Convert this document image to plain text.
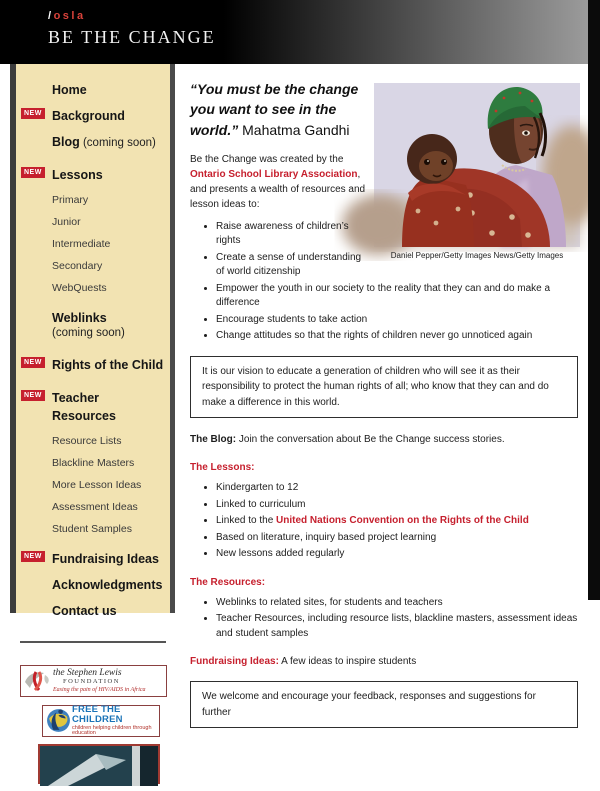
/osla
BE THE CHANGE
Home
NEW Background
Blog (coming soon)
NEW Lessons
Primary
Junior
Intermediate
Secondary
WebQuests
Weblinks
(coming soon)
NEW Rights of the Child
NEW Teacher Resources
Resource Lists
Blackline Masters
More Lesson Ideas
Assessment Ideas
Student Samples
NEW Fundraising Ideas
Acknowledgments
Contact us
the Stephen Lewis
FOUNDATION
Easing the pain of HIV/AIDS in Africa
FREE THE CHILDREN
children helping children through education
Daniel Pepper/Getty Images News/Getty Images
“You must be the change you want to see in the world.” Mahatma Gandhi
Be the Change was created by the Ontario School Library Association, and presents a wealth of resources and lesson ideas to:
• Raise awareness of children’s rights
• Create a sense of understanding of world citizenship
• Empower the youth in our society to the reality that they can and do make a difference
• Encourage students to take action
• Change attitudes so that the rights of children never go unnoticed again
It is our vision to educate a generation of children who will see it as their responsibility to protect the human rights of all; who know that they can and do make a difference in this world.
The Blog: Join the conversation about Be the Change success stories.
The Lessons:
• Kindergarten to 12
• Linked to curriculum
• Linked to the United Nations Convention on the Rights of the Child
• Based on literature, inquiry based project learning
• New lessons added regularly
The Resources:
• Weblinks to related sites, for students and teachers
• Teacher Resources, including resource lists, blackline masters, assessment ideas and student samples
Fundraising Ideas: A few ideas to inspire students
We welcome and encourage your feedback, responses and suggestions for further
